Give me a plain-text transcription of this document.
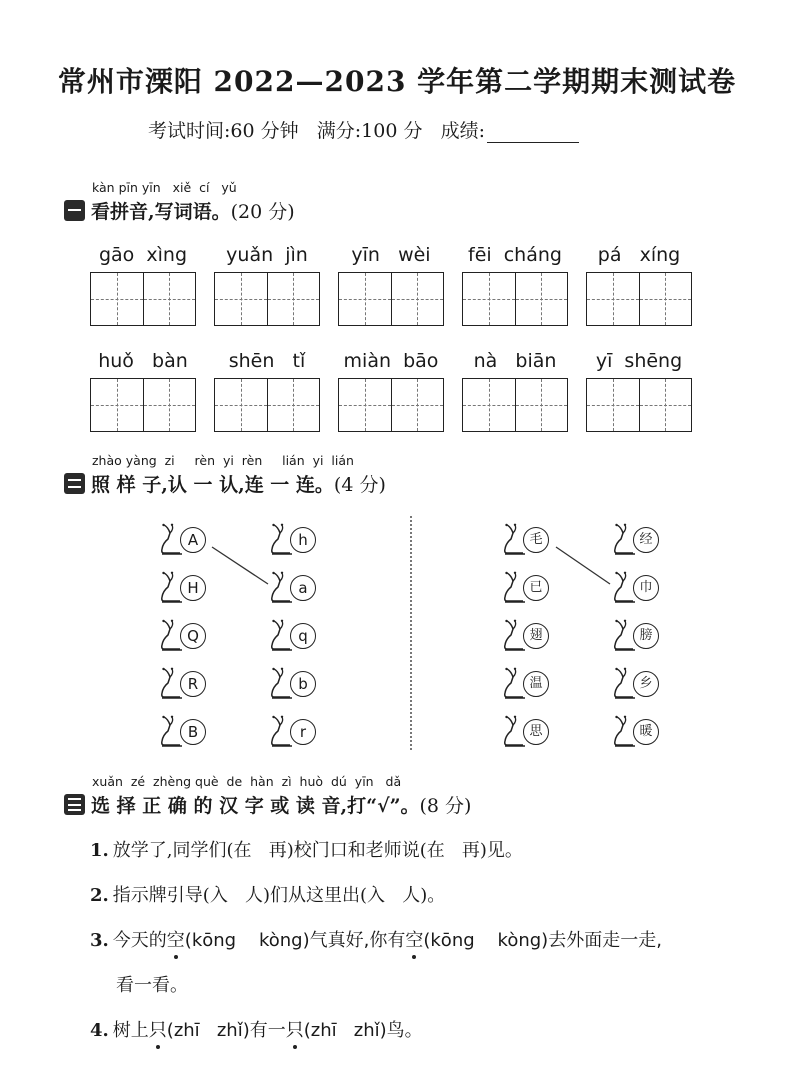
常州市溧阳 2022—2023 学年第二学期期末测试卷
考试时间:60 分钟 满分:100 分 成绩:
kàn pīn yīn   xiě  cí   yǔ
看拼音,写词语。 (20 分)
gāo  xìng	yuǎn  jìn	yīn   wèi	fēi  cháng	pá   xíng
huǒ   bàn	shēn   tǐ	miàn  bāo	nà   biān	yī  shēng
zhào yàng  zi     rèn  yi  rèn     lián  yi  lián
照 样 子,认 一 认,连 一 连。 (4 分)
A
H
Q
R
B
h
a
q
b
r
毛
已
翅
温
思
经
巾
膀
乡
暖
xuǎn  zé  zhèng què  de  hàn  zì  huò  dú  yīn   dǎ
选 择 正 确 的 汉 字 或 读 音,打“√”。 (8 分)
1. 放学了,同学们(在   再)校门口和老师说(在   再)见。
2. 指示牌引导(入   人)们从这里出(入   人)。
3. 今天的空(kōng    kòng)气真好,你有空(kōng    kòng)去外面走一走,
看一看。
4. 树上只(zhī   zhǐ)有一只(zhī   zhǐ)鸟。
